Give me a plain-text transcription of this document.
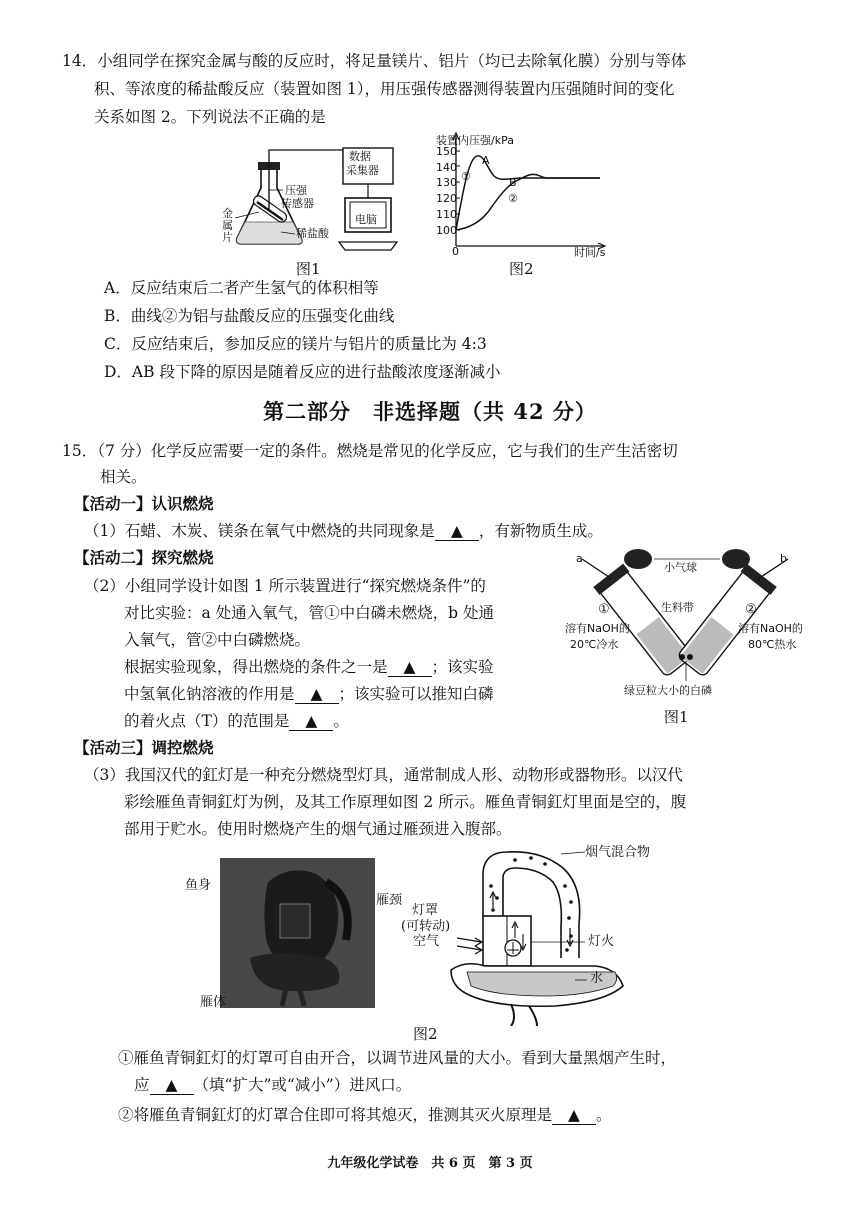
14．小组同学在探究金属与酸的反应时，将足量镁片、铝片（均已去除氧化膜）分别与等体
积、等浓度的稀盐酸反应（装置如图 1），用压强传感器测得装置内压强随时间的变化
关系如图 2。下列说法不正确的是
数据
采集器
电脑
压强
传感器
金
属
片	稀盐酸
图1
装置内压强/kPa
150
140
130
120
110
100
0	时间/s
A
B
①
②
图2
A．反应结束后二者产生氢气的体积相等
B．曲线②为铝与盐酸反应的压强变化曲线
C．反应结束后，参加反应的镁片与铝片的质量比为 4:3
D．AB 段下降的原因是随着反应的进行盐酸浓度逐渐减小
第二部分　非选择题（共 42 分）
15．（7 分）化学反应需要一定的条件。燃烧是常见的化学反应，它与我们的生产生活密切
相关。
【活动一】认识燃烧
（1）石蜡、木炭、镁条在氧气中燃烧的共同现象是 ▲ ，有新物质生成。
【活动二】探究燃烧
（2）小组同学设计如图 1 所示装置进行“探究燃烧条件”的
对比实验：a 处通入氧气，管①中白磷未燃烧，b 处通
入氧气，管②中白磷燃烧。
根据实验现象，得出燃烧的条件之一是 ▲ ；该实验
中氢氧化钠溶液的作用是 ▲ ；该实验可以推知白磷
的着火点（T）的范围是 ▲ 。
a	b
小气球
①	②
生料带
溶有NaOH的
20℃冷水
溶有NaOH的
80℃热水
绿豆粒大小的白磷
图1
【活动三】调控燃烧
（3）我国汉代的釭灯是一种充分燃烧型灯具，通常制成人形、动物形或器物形。以汉代
彩绘雁鱼青铜釭灯为例，及其工作原理如图 2 所示。雁鱼青铜釭灯里面是空的，腹
部用于贮水。使用时燃烧产生的烟气通过雁颈进入腹部。
鱼身
雁颈
雁体
烟气混合物
灯罩
(可转动)
空气	灯火
水
图2
①雁鱼青铜釭灯的灯罩可自由开合，以调节进风量的大小。看到大量黑烟产生时，
应 ▲ （填“扩大”或“减小”）进风口。
②将雁鱼青铜釭灯的灯罩合住即可将其熄灭，推测其灭火原理是 ▲ 。
九年级化学试卷　共 6 页　第 3 页
